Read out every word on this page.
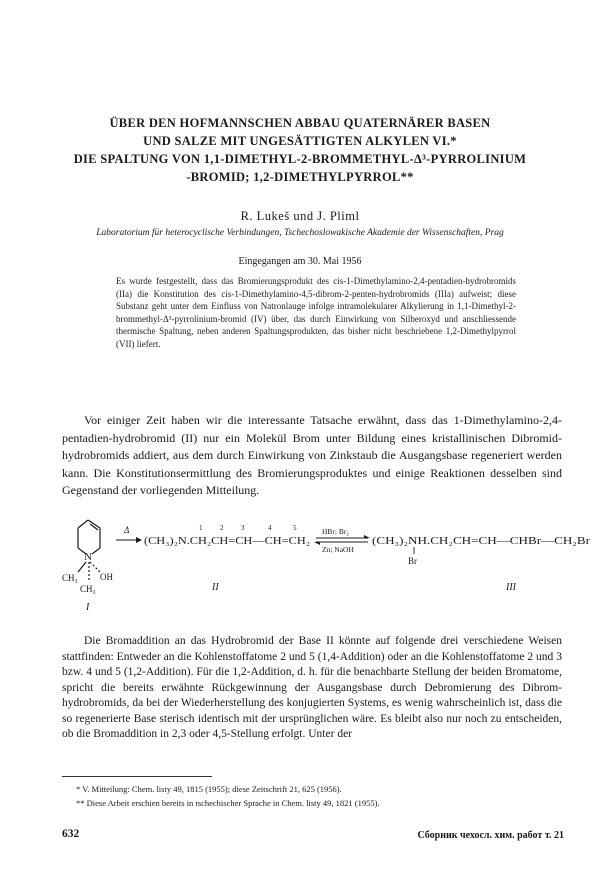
ÜBER DEN HOFMANNSCHEN ABBAU QUATERNÄRER BASEN
UND SALZE MIT UNGESÄTTIGTEN ALKYLEN VI.*
DIE SPALTUNG VON 1,1-DIMETHYL-2-BROMMETHYL-Δ³-PYRROLINIUM
-BROMID; 1,2-DIMETHYLPYRROL**
R. Lukeš und J. Pliml
Laboratorium für heterocyclische Verbindungen, Tschechoslowakische Akademie der Wissenschaften, Prag
Eingegangen am 30. Mai 1956
Es wurde festgestellt, dass das Bromierungsprodukt des cis-1-Dimethylamino-2,4-pentadien-hydrobromids (IIa) die Konstitution des cis-1-Dimethylamino-4,5-dibrom-2-penten-hydrobromids (IIIa) aufweist; diese Substanz geht unter dem Einfluss von Natronlauge infolge intramolekularer Alkylierung in 1,1-Dimethyl-2-brommethyl-Δ³-pyrrolinium-bromid (IV) über, das durch Einwirkung von Silberoxyd und anschliessende thermische Spaltung, neben anderen Spaltungsprodukten, das bisher nicht beschriebene 1,2-Dimethylpyrrol (VII) liefert.
Vor einiger Zeit haben wir die interessante Tatsache erwähnt, dass das 1-Dimethylamino-2,4-pentadien-hydrobromid (II) nur ein Molekül Brom unter Bildung eines kristallinischen Dibromid-hydrobromids addiert, aus dem durch Einwirkung von Zinkstaub die Ausgangsbase regeneriert werden kann. Die Konstitutionsermittlung des Bromierungsproduktes und einige Reaktionen desselben sind Gegenstand der vorliegenden Mitteilung.
N
CH₃ OH
CH₃
I
Δ	1	2	3	4	5
(CH₃)₂N.CH₂CH=CH—CH=CH₂
II
HBr; Br₂
Zn; NaOH
(CH₃)₂NH.CH₂CH=CH—CHBr—CH₂Br
Br
III
Die Bromaddition an das Hydrobromid der Base II könnte auf folgende drei verschiedene Weisen stattfinden: Entweder an die Kohlenstoffatome 2 und 5 (1,4-Addition) oder an die Kohlenstoffatome 2 und 3 bzw. 4 und 5 (1,2-Addition). Für die 1,2-Addition, d. h. für die benachbarte Stellung der beiden Bromatome, spricht die bereits erwähnte Rückgewinnung der Ausgangsbase durch Debromierung des Dibrom-hydrobromids, da bei der Wiederherstellung des konjugierten Systems, es wenig wahrscheinlich ist, dass die so regenerierte Base sterisch identisch mit der ursprünglichen wäre. Es bleibt also nur noch zu entscheiden, ob die Bromaddition in 2,3 oder 4,5-Stellung erfolgt. Unter der
* V. Mitteilung: Chem. listy 49, 1815 (1955); diese Zeitschrift 21, 625 (1956).
** Diese Arbeit erschien bereits in tschechischer Sprache in Chem. listy 49, 1821 (1955).
632	Сборник чехосл. хим. работ т. 21
